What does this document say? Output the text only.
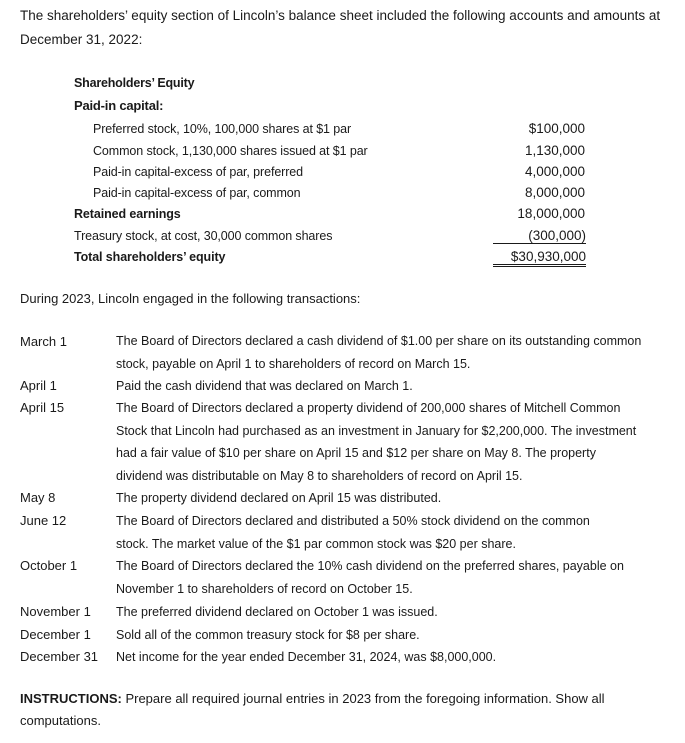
The shareholders’ equity section of Lincoln’s balance sheet included the following accounts and amounts at
December 31, 2022:
Shareholders’ Equity
Paid-in capital:
Preferred stock, 10%, 100,000 shares at $1 par	$100,000
Common stock, 1,130,000 shares issued at $1 par	1,130,000
Paid-in capital-excess of par, preferred	4,000,000
Paid-in capital-excess of par, common	8,000,000
Retained earnings	18,000,000
Treasury stock, at cost, 30,000 common shares	(300,000)
Total shareholders’ equity	$30,930,000
During 2023, Lincoln engaged in the following transactions:
March 1	The Board of Directors declared a cash dividend of $1.00 per share on its outstanding common
stock, payable on April 1 to shareholders of record on March 15.
April 1	Paid the cash dividend that was declared on March 1.
April 15	The Board of Directors declared a property dividend of 200,000 shares of Mitchell Common
Stock that Lincoln had purchased as an investment in January for $2,200,000. The investment
had a fair value of $10 per share on April 15 and $12 per share on May 8. The property
dividend was distributable on May 8 to shareholders of record on April 15.
May 8	The property dividend declared on April 15 was distributed.
June 12	The Board of Directors declared and distributed a 50% stock dividend on the common
stock. The market value of the $1 par common stock was $20 per share.
October 1	The Board of Directors declared the 10% cash dividend on the preferred shares, payable on
November 1 to shareholders of record on October 15.
November 1 The preferred dividend declared on October 1 was issued.
December 1 Sold all of the common treasury stock for $8 per share.
December 31 Net income for the year ended December 31, 2024, was $8,000,000.
INSTRUCTIONS: Prepare all required journal entries in 2023 from the foregoing information. Show all computations.
